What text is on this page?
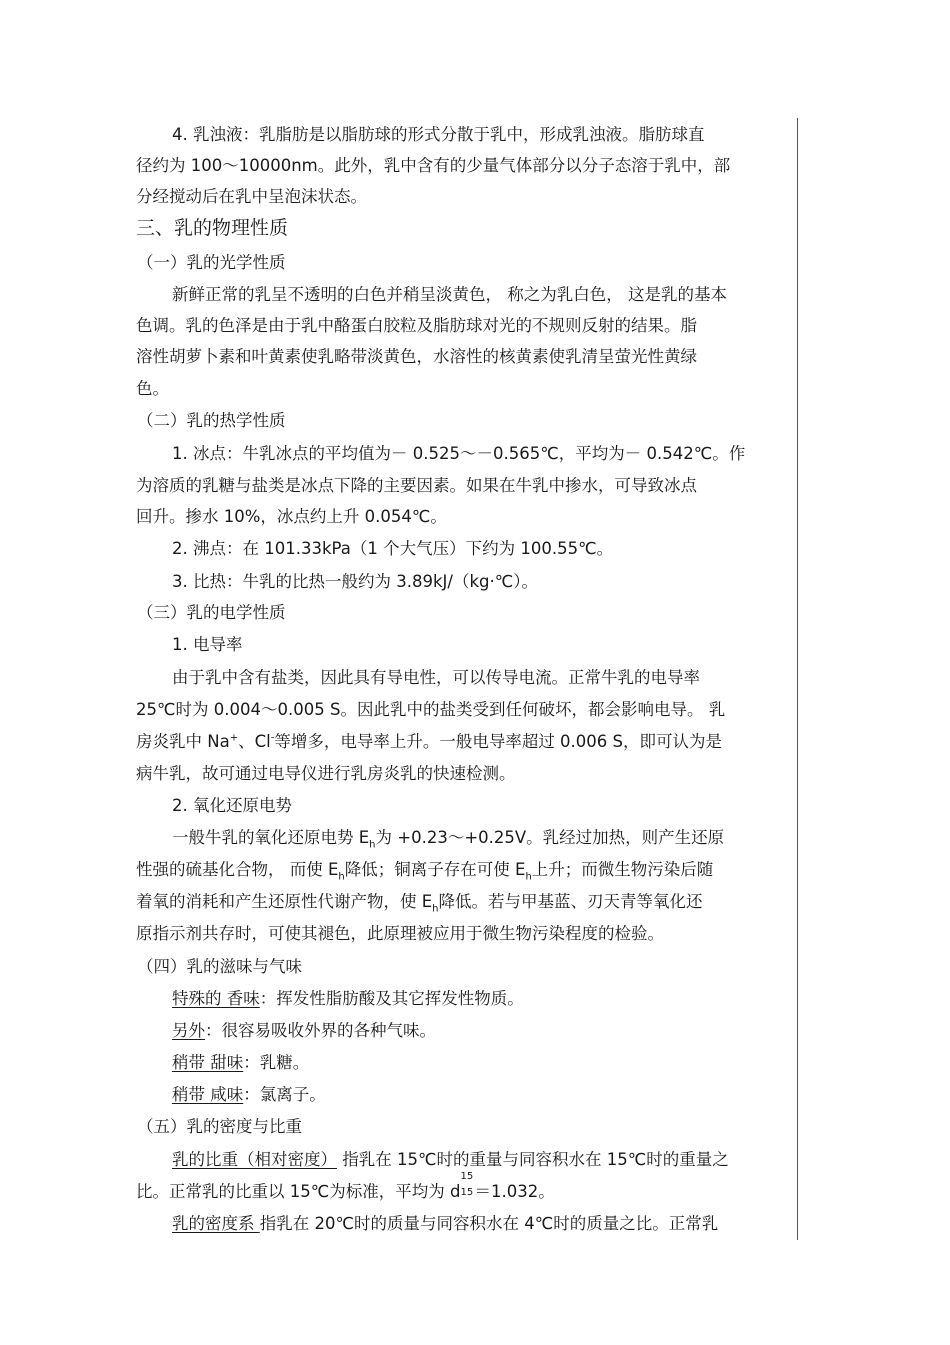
4. 乳浊液：乳脂肪是以脂肪球的形式分散于乳中，形成乳浊液。脂肪球直
径约为 100～10000nm。此外，乳中含有的少量气体部分以分子态溶于乳中，部
分经搅动后在乳中呈泡沫状态。
三、乳的物理性质
（一）乳的光学性质
新鲜正常的乳呈不透明的白色并稍呈淡黄色， 称之为乳白色， 这是乳的基本
色调。乳的色泽是由于乳中酪蛋白胶粒及脂肪球对光的不规则反射的结果。脂
溶性胡萝卜素和叶黄素使乳略带淡黄色，水溶性的核黄素使乳清呈萤光性黄绿
色。
（二）乳的热学性质
1. 冰点：牛乳冰点的平均值为－ 0.525～－0.565℃，平均为－ 0.542℃。作
为溶质的乳糖与盐类是冰点下降的主要因素。如果在牛乳中掺水，可导致冰点
回升。掺水 10%，冰点约上升 0.054℃。
2. 沸点：在 101.33kPa（1 个大气压）下约为 100.55℃。
3. 比热：牛乳的比热一般约为 3.89kJ/（kg·℃）。
（三）乳的电学性质
1. 电导率
由于乳中含有盐类，因此具有导电性，可以传导电流。正常牛乳的电导率
25℃时为 0.004～0.005 S。因此乳中的盐类受到任何破坏，都会影响电导。 乳
房炎乳中 Na+、Cl-等增多，电导率上升。一般电导率超过 0.006 S，即可认为是
病牛乳，故可通过电导仪进行乳房炎乳的快速检测。
2. 氧化还原电势
一般牛乳的氧化还原电势 $E_h$为 +0.23～+0.25V。乳经过加热，则产生还原
性强的硫基化合物， 而使 $E_h$降低；铜离子存在可使 $E_h$上升；而微生物污染后随
着氧的消耗和产生还原性代谢产物，使 $E_h$降低。若与甲基蓝、刃天青等氧化还
原指示剂共存时，可使其褪色，此原理被应用于微生物污染程度的检验。
（四）乳的滋味与气味
特殊的 香味：挥发性脂肪酸及其它挥发性物质。
另外：很容易吸收外界的各种气味。
稍带 甜味：乳糖。
稍带 咸味：氯离子。
（五）乳的密度与比重
乳的比重（相对密度） 指乳在 15℃时的重量与同容积水在 15℃时的重量之
比。正常乳的比重以 15℃为标准，平均为 d
15
15 ＝1.032。
乳的密度系 指乳在 20℃时的质量与同容积水在 4℃时的质量之比。正常乳
